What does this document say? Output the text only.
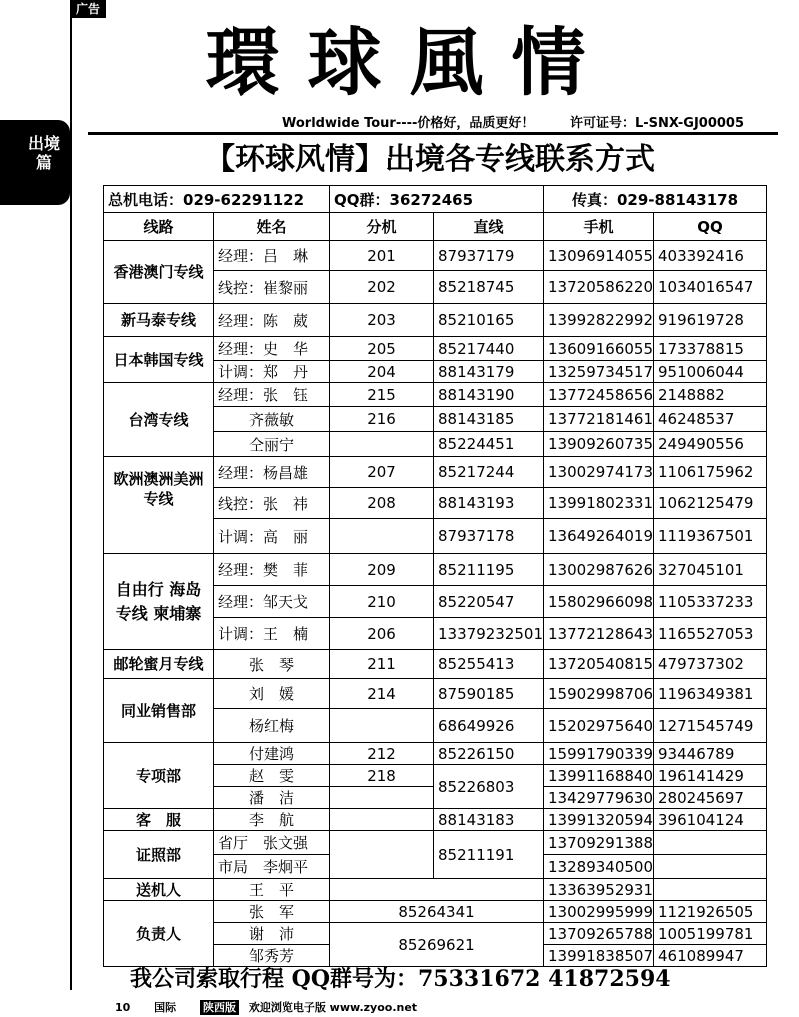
广告
出境篇
環球風情
Worldwide Tour----价格好，品质更好！	许可证号：L-SNX-GJ00005
【环球风情】出境各专线联系方式
总机电话：029-62291122		QQ群：36272465		传真：029-88143178	
线路	姓名	分机	直线	手机	QQ
香港澳门专线	经理：吕　琳	201	87937179	13096914055	403392416
	线控：崔黎丽	202	85218745	13720586220	1034016547
新马泰专线	经理：陈　葳	203	85210165	13992822992	919619728
日本韩国专线	经理：史　华	205	85217440	13609166055	173378815
	计调：郑　丹	204	88143179	13259734517	951006044
台湾专线	经理：张　钰	215	88143190	13772458656	2148882
	齐薇敏	216	88143185	13772181461	46248537
	仝丽宁		85224451	13909260735	249490556
欧洲澳洲美洲专线	经理：杨昌雄	207	85217244	13002974173	1106175962
	线控：张　祎	208	88143193	13991802331	1062125479
	计调：高　丽		87937178	13649264019	1119367501
自由行 海岛 专线 柬埔寨	经理：樊　菲	209	85211195	13002987626	327045101
	经理：邹天戈	210	85220547	15802966098	1105337233
	计调：王　楠	206	13379232501	13772128643	1165527053
邮轮蜜月专线	张　琴	211	85255413	13720540815	479737302
同业销售部	刘　媛	214	87590185	15902998706	1196349381
	杨红梅		68649926	15202975640	1271545749
专项部	付建鸿	212	85226150	15991790339	93446789
	赵　雯	218	85226803	13991168840	196141429
	潘　洁			13429779630	280245697
客　服	李　航		88143183	13991320594	396104124
证照部	省厅　张文强		85211191	13709291388	
	市局　李炯平			13289340500	
送机人	王　平			13363952931	
负责人	张　军	85264341		13002995999	1121926505
	谢　沛	85269621		13709265788	1005199781
	邹秀芳			13991838507	461089947
我公司索取行程 QQ群号为：75331672 41872594
10 国际 陕西版 欢迎浏览电子版 www.zyoo.net
